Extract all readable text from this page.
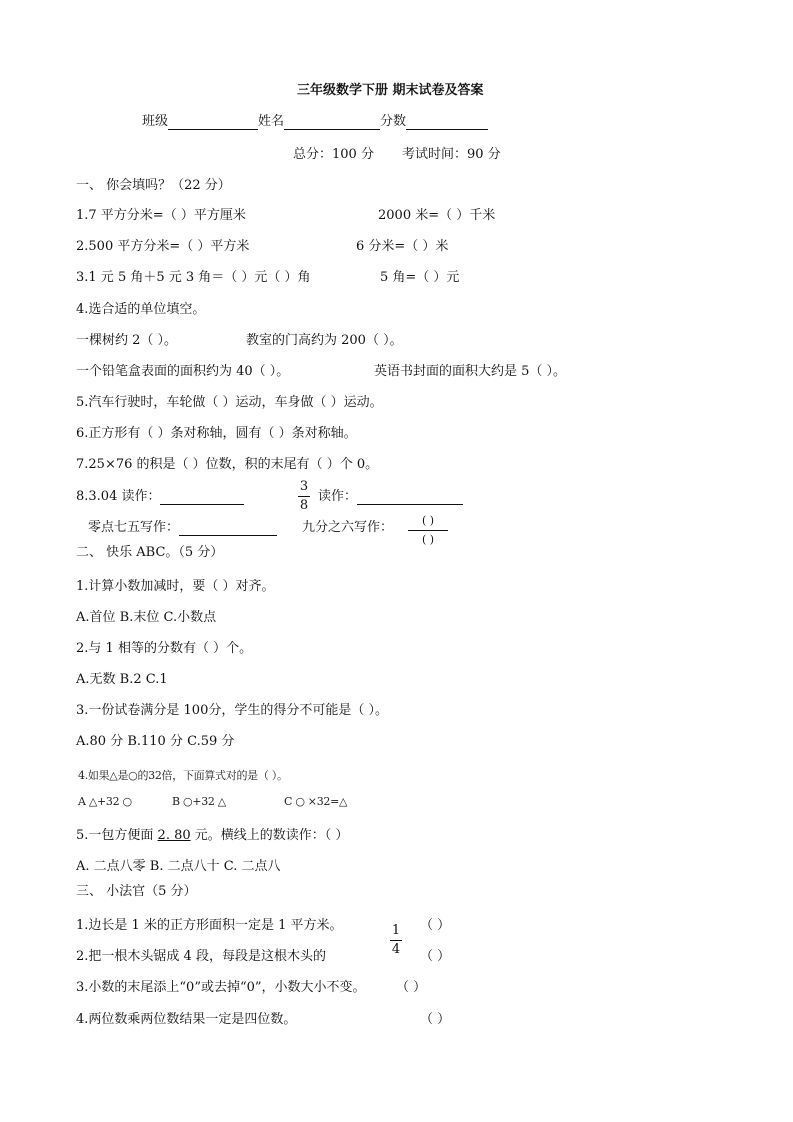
三年级数学下册 期末试卷及答案
班级	姓名	分数
总分：100 分 考试时间：90 分
一、 你会填吗？（22 分）
1.7 平方分米=（ ）平方厘米	2000 米=（ ）千米
2.500 平方分米=（ ）平方米	6 分米=（ ）米
3.1 元 5 角＋5 元 3 角＝（ ）元（ ）角	5 角=（ ）元
4.选合适的单位填空。
一棵树约 2（ ）。	教室的门高约为 200（ ）。
一个铅笔盒表面的面积约为 40（ ）。	英语书封面的面积大约是 5（ ）。
5.汽车行驶时，车轮做（ ）运动，车身做（ ）运动。
6.正方形有（ ）条对称轴，圆有（ ）条对称轴。
7.25×76 的积是（ ）位数，积的末尾有（ ）个 0。
8.3.04 读作：
3
8
读作：
零点七五写作：	九分之六写作：	( )
( )
二、 快乐 ABC。（5 分）
1.计算小数加减时，要（ ）对齐。
A.首位 B.末位 C.小数点
2.与 1 相等的分数有（ ）个。
A.无数 B.2 C.1
3.一份试卷满分是 100分，学生的得分不可能是（ ）。
A.80 分 B.110 分 C.59 分
4.如果△是○的32倍，下面算式对的是（ ）。
A △+32 ○	B ○+32 △	C ○ ×32=△
5.一包方便面 2. 80 元。横线上的数读作：（ ）
A. 二点八零 B. 二点八十 C. 二点八
三、 小法官（5 分）
1.边长是 1 米的正方形面积一定是 1 平方米。	（ ）
2.把一根木头锯成 4 段，每段是这根木头的
1
4 （ ）
3.小数的末尾添上“0”或去掉“0”，小数大小不变。 （ ）
4.两位数乘两位数结果一定是四位数。	（ ）
